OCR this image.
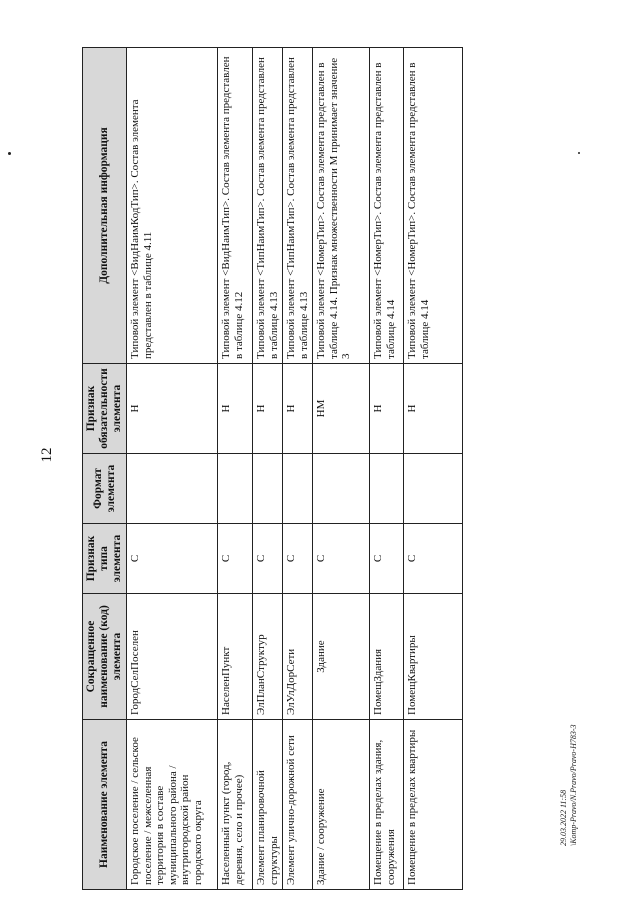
12
Наименование элемента	Сокращенное наименование (код) элемента	Признак типа элемента	Формат элемента	Признак обязательности элемента	Дополнительная информация
Городское поселение / сельское поселение / межселенная территория в составе муниципального района / внутригородской район городского округа	ГородСелПоселен	С		Н	Типовой элемент <ВидНаимКодТип>. Состав элемента представлен в таблице 4.11
Населенный пункт (город, деревня, село и прочее)	НаселенПункт	С		Н	Типовой элемент <ВидНаимТип>. Состав элемента представлен в таблице 4.12
Элемент планировочной структуры	ЭлПланСтруктур	С		Н	Типовой элемент <ТипНаимТип>. Состав элемента представлен в таблице 4.13
Элемент улично-дорожной сети	ЭлУлДорСети	С		Н	Типовой элемент <ТипНаимТип>. Состав элемента представлен в таблице 4.13
Здание / сооружение	Здание	С		НМ	Типовой элемент <НомерТип>. Состав элемента представлен в таблице 4.14. Признак множественности М принимает значение 3
Помещение в пределах здания, сооружения	ПомещЗдания	С		Н	Типовой элемент <НомерТип>. Состав элемента представлен в таблице 4.14
Помещение в пределах квартиры	ПомещКвартиры	С		Н	Типовой элемент <НомерТип>. Состав элемента представлен в таблице 4.14
29.03.2022 11:58 \Komp-Pravo/N.Pravo/Pravo-Н783-3
